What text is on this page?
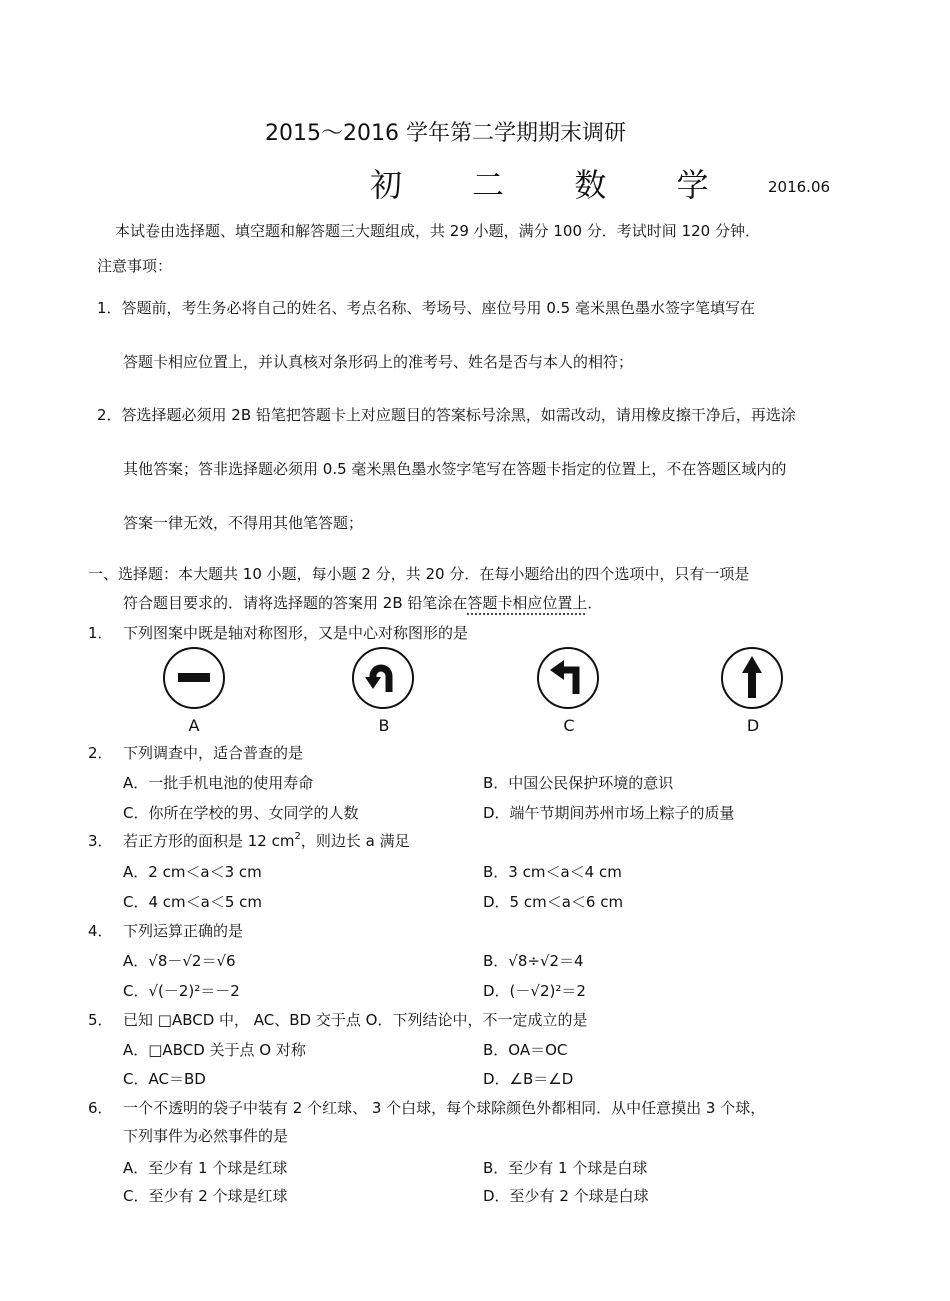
2015～2016 学年第二学期期末调研
初 二 数 学 2016.06
本试卷由选择题、填空题和解答题三大题组成，共 29 小题，满分 100 分．考试时间 120 分钟．
注意事项：
1．答题前，考生务必将自己的姓名、考点名称、考场号、座位号用 0.5 毫米黑色墨水签字笔填写在
答题卡相应位置上，并认真核对条形码上的准考号、姓名是否与本人的相符；
2．答选择题必须用 2B 铅笔把答题卡上对应题目的答案标号涂黑，如需改动，请用橡皮擦干净后，再选涂
其他答案；答非选择题必须用 0.5 毫米黑色墨水签字笔写在答题卡指定的位置上，不在答题区域内的
答案一律无效，不得用其他笔答题；
一、选择题：本大题共 10 小题，每小题 2 分，共 20 分．在每小题给出的四个选项中，只有一项是
符合题目要求的．请将选择题的答案用 2B 铅笔涂在答题卡相应位置上．
1． 下列图案中既是轴对称图形，又是中心对称图形的是
A	B	C	D
2． 下列调查中，适合普查的是
A．一批手机电池的使用寿命	B．中国公民保护环境的意识
C．你所在学校的男、女同学的人数	D．端午节期间苏州市场上粽子的质量
3． 若正方形的面积是 12 $cm^2$，则边长 a 满足
A．2 cm＜a＜3 cm	B．3 cm＜a＜4 cm
C．4 cm＜a＜5 cm	D．5 cm＜a＜6 cm
4． 下列运算正确的是
A．√8－√2＝√6	B．√8÷√2＝4
C．√(－2)²＝－2	D．(－√2)²＝2
5． 已知 □ABCD 中， AC、BD 交于点 O．下列结论中，不一定成立的是
A．□ABCD 关于点 O 对称	B．OA＝OC
C．AC＝BD	D．∠B＝∠D
6． 一个不透明的袋子中装有 2 个红球、 3 个白球，每个球除颜色外都相同．从中任意摸出 3 个球，
下列事件为必然事件的是
A．至少有 1 个球是红球	B．至少有 1 个球是白球
C．至少有 2 个球是红球	D．至少有 2 个球是白球
